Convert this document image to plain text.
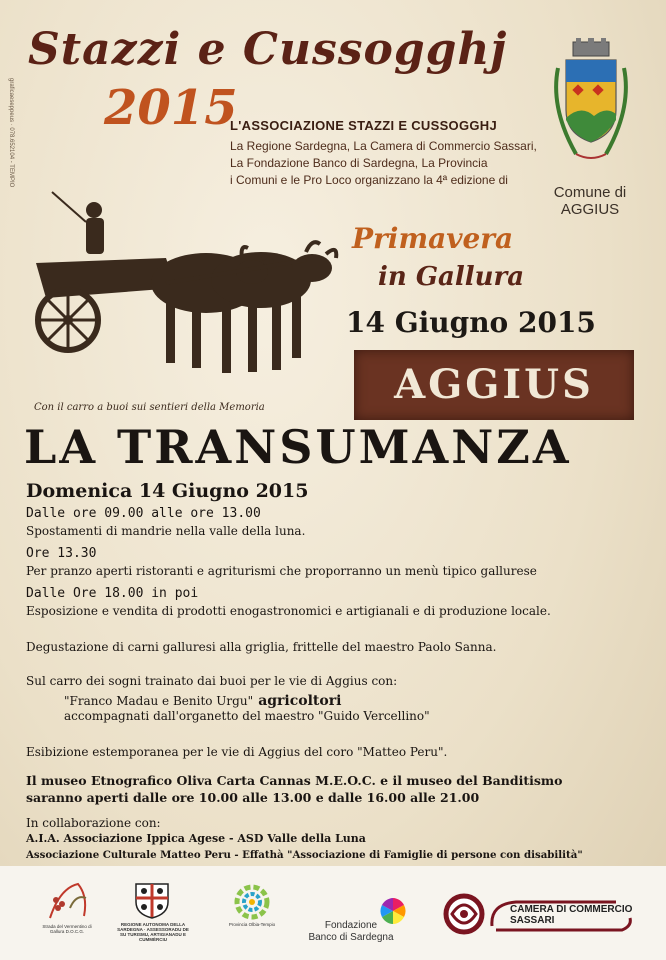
Stazzi e Cussogghj
2015
graficaeseppeus · 078.652104 - TEMPIO	L'ASSOCIAZIONE STAZZI E CUSSOGGHJ
La Regione Sardegna, La Camera di Commercio Sassari,
La Fondazione Banco di Sardegna, La Provincia
i Comuni e le Pro Loco organizzano la 4ª edizione di
Comune di
AGGIUS
Primavera
in Gallura
14 Giugno 2015
AGGIUS
Con il carro a buoi sui sentieri della Memoria
LA TRANSUMANZA
Domenica 14 Giugno 2015
Dalle ore 09.00 alle ore 13.00
Spostamenti di mandrie nella valle della luna.
Ore 13.30
Per pranzo aperti ristoranti e agriturismi che proporranno un menù tipico gallurese
Dalle Ore 18.00 in poi
Esposizione e vendita di prodotti enogastronomici e artigianali e di produzione locale.
Degustazione di carni galluresi alla griglia, frittelle del maestro Paolo Sanna.
Sul carro dei sogni trainato dai buoi per le vie di Aggius con:
"Franco Madau e Benito Urgu" agricoltori
accompagnati dall'organetto del maestro "Guido Vercellino"
Esibizione estemporanea per le vie di Aggius del coro "Matteo Peru".
Il museo Etnografico Oliva Carta Cannas M.E.O.C. e il museo del Banditismo
saranno aperti dalle ore 10.00 alle 13.00 e dalle 16.00 alle 21.00
In collaborazione con:
A.I.A. Associazione Ippica Agese - ASD Valle della Luna
Associazione Culturale Matteo Peru - Effathà "Associazione di Famiglie di persone con disabilità"
Strada del Vermentino di Gallura D.O.C.G.
REGIONE AUTONOMA DELLA SARDEGNA · ASSESSORADU DE SU TURISMU, ARTIGIANADU E CUMMÈRCIU
Provincia Olbia-Tempio	Fondazione
Banco di Sardegna
CAMERA DI COMMERCIO
SASSARI
